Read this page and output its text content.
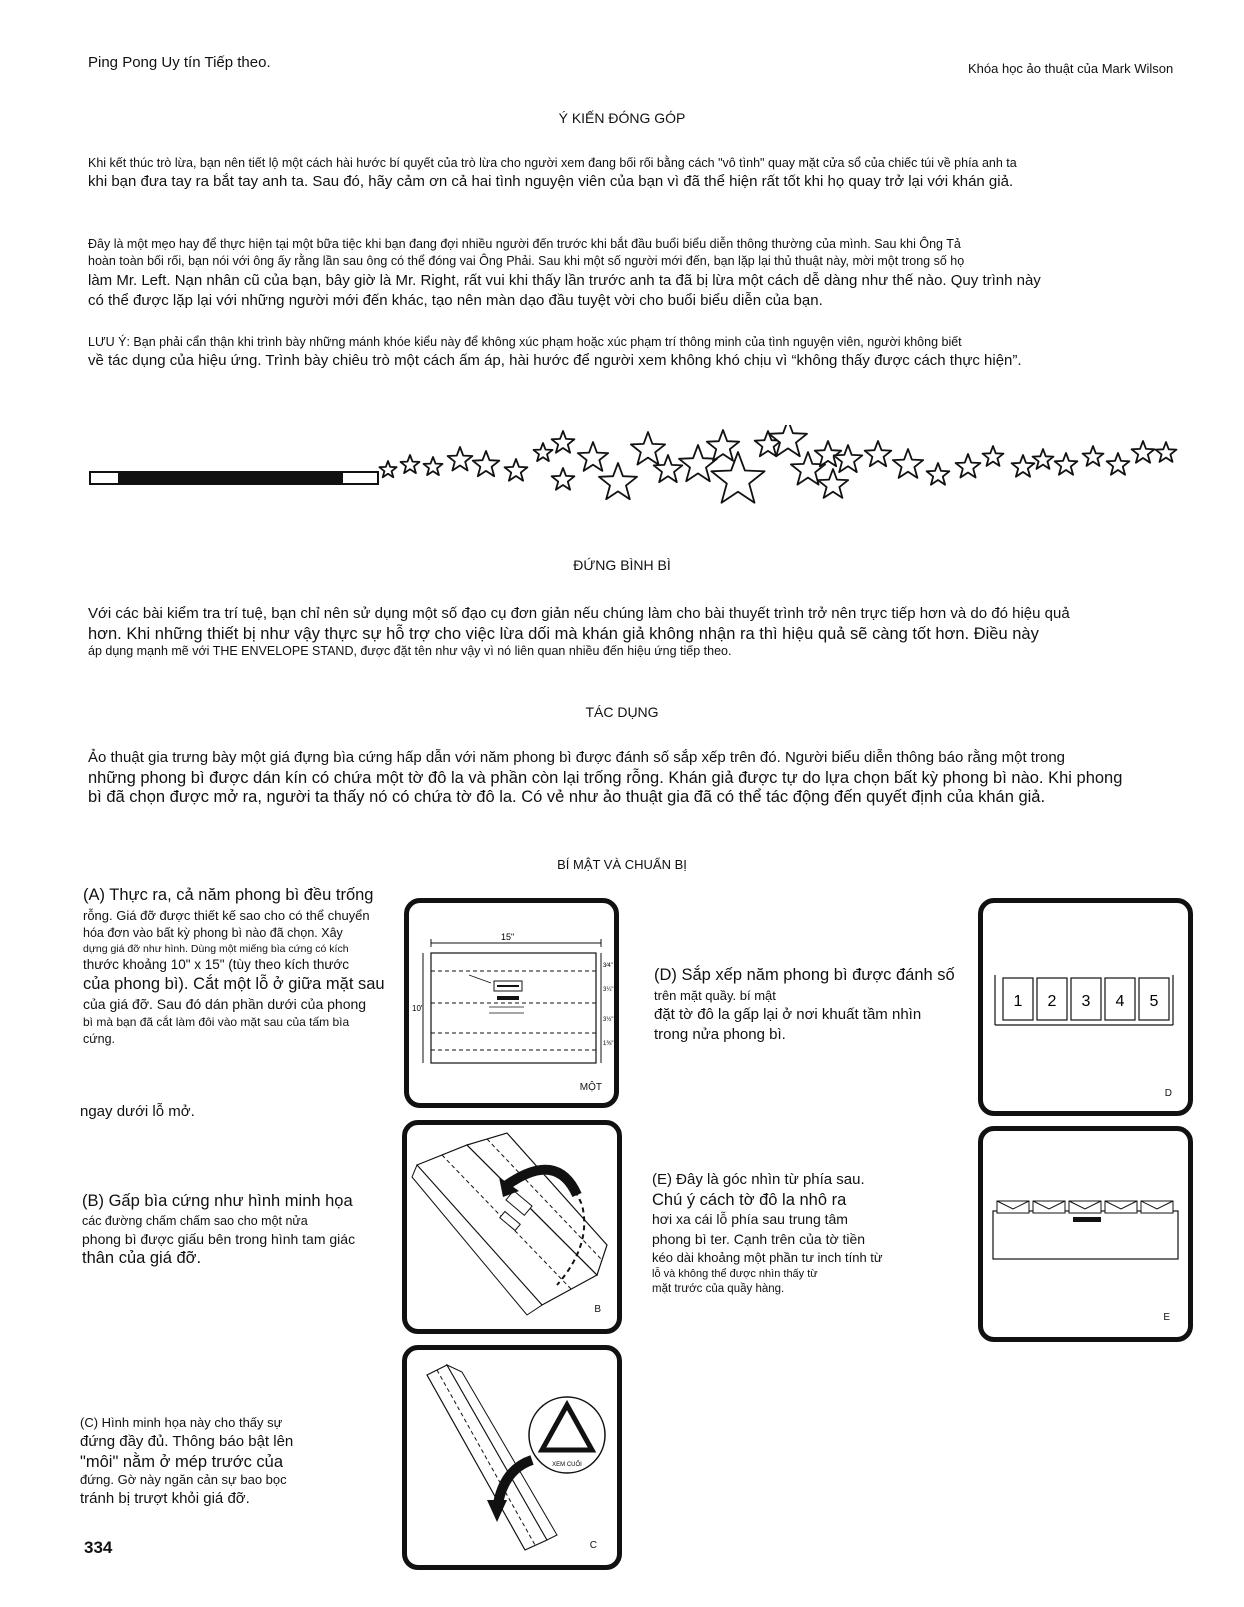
Ping Pong Uy tín Tiếp theo.	Khóa học ảo thuật của Mark Wilson
Ý KIẾN ĐÓNG GÓP
Khi kết thúc trò lừa, bạn nên tiết lộ một cách hài hước bí quyết của trò lừa cho người xem đang bối rối bằng cách "vô tình" quay mặt cửa sổ của chiếc túi về phía anh ta
khi bạn đưa tay ra bắt tay anh ta. Sau đó, hãy cảm ơn cả hai tình nguyện viên của bạn vì đã thể hiện rất tốt khi họ quay trở lại với khán giả.
Đây là một mẹo hay để thực hiện tại một bữa tiệc khi bạn đang đợi nhiều người đến trước khi bắt đầu buổi biểu diễn thông thường của mình. Sau khi Ông Tả
hoàn toàn bối rối, bạn nói với ông ấy rằng lần sau ông có thể đóng vai Ông Phải. Sau khi một số người mới đến, bạn lặp lại thủ thuật này, mời một trong số họ
làm Mr. Left. Nạn nhân cũ của bạn, bây giờ là Mr. Right, rất vui khi thấy lần trước anh ta đã bị lừa một cách dễ dàng như thế nào. Quy trình này
có thể được lặp lại với những người mới đến khác, tạo nên màn dạo đầu tuyệt vời cho buổi biểu diễn của bạn.
LƯU Ý: Bạn phải cẩn thận khi trình bày những mánh khóe kiểu này để không xúc phạm hoặc xúc phạm trí thông minh của tình nguyện viên, người không biết
về tác dụng của hiệu ứng. Trình bày chiêu trò một cách ấm áp, hài hước để người xem không khó chịu vì “không thấy được cách thực hiện”.
ĐỨNG BÌNH BÌ
Với các bài kiểm tra trí tuệ, bạn chỉ nên sử dụng một số đạo cụ đơn giản nếu chúng làm cho bài thuyết trình trở nên trực tiếp hơn và do đó hiệu quả
hơn. Khi những thiết bị như vậy thực sự hỗ trợ cho việc lừa dối mà khán giả không nhận ra thì hiệu quả sẽ càng tốt hơn. Điều này
áp dụng mạnh mẽ với THE ENVELOPE STAND, được đặt tên như vậy vì nó liên quan nhiều đến hiệu ứng tiếp theo.
TÁC DỤNG
Ảo thuật gia trưng bày một giá đựng bìa cứng hấp dẫn với năm phong bì được đánh số sắp xếp trên đó. Người biểu diễn thông báo rằng một trong
những phong bì được dán kín có chứa một tờ đô la và phần còn lại trống rỗng. Khán giả được tự do lựa chọn bất kỳ phong bì nào. Khi phong
bì đã chọn được mở ra, người ta thấy nó có chứa tờ đô la. Có vẻ như ảo thuật gia đã có thể tác động đến quyết định của khán giả.
BÍ MẬT VÀ CHUẨN BỊ
(A) Thực ra, cả năm phong bì đều trống
rỗng. Giá đỡ được thiết kế sao cho có thể chuyển
hóa đơn vào bất kỳ phong bì nào đã chọn. Xây
dựng giá đỡ như hình. Dùng một miếng bìa cứng có kích
thước khoảng 10" x 15" (tùy theo kích thước
của phong bì). Cắt một lỗ ở giữa mặt sau
của giá đỡ. Sau đó dán phần dưới của phong
bì mà bạn đã cắt làm đôi vào mặt sau của tấm bìa
cứng.
ngay dưới lỗ mở.
(B) Gấp bìa cứng như hình minh họa
các đường chấm chấm sao cho một nửa
phong bì được giấu bên trong hình tam giác
thân của giá đỡ.
(C) Hình minh họa này cho thấy sự
đứng đầy đủ. Thông báo bật lên
"môi" nằm ở mép trước của
đứng. Gờ này ngăn cản sự bao bọc
tránh bị trượt khỏi giá đỡ.
(D) Sắp xếp năm phong bì được đánh số
trên mặt quầy. bí mật
đặt tờ đô la gấp lại ở nơi khuất tầm nhìn
trong nửa phong bì.
(E) Đây là góc nhìn từ phía sau.
Chú ý cách tờ đô la nhô ra
hơi xa cái lỗ phía sau trung tâm
phong bì ter. Cạnh trên của tờ tiền
kéo dài khoảng một phần tư inch tính từ
lỗ và không thể được nhìn thấy từ
mặt trước của quầy hàng.
15"
10"
3⁄4"
3¼"
3½"
1⅜"
MỘT
1 2 3 4 5
D
B
E
XEM CUỐI
C
334
